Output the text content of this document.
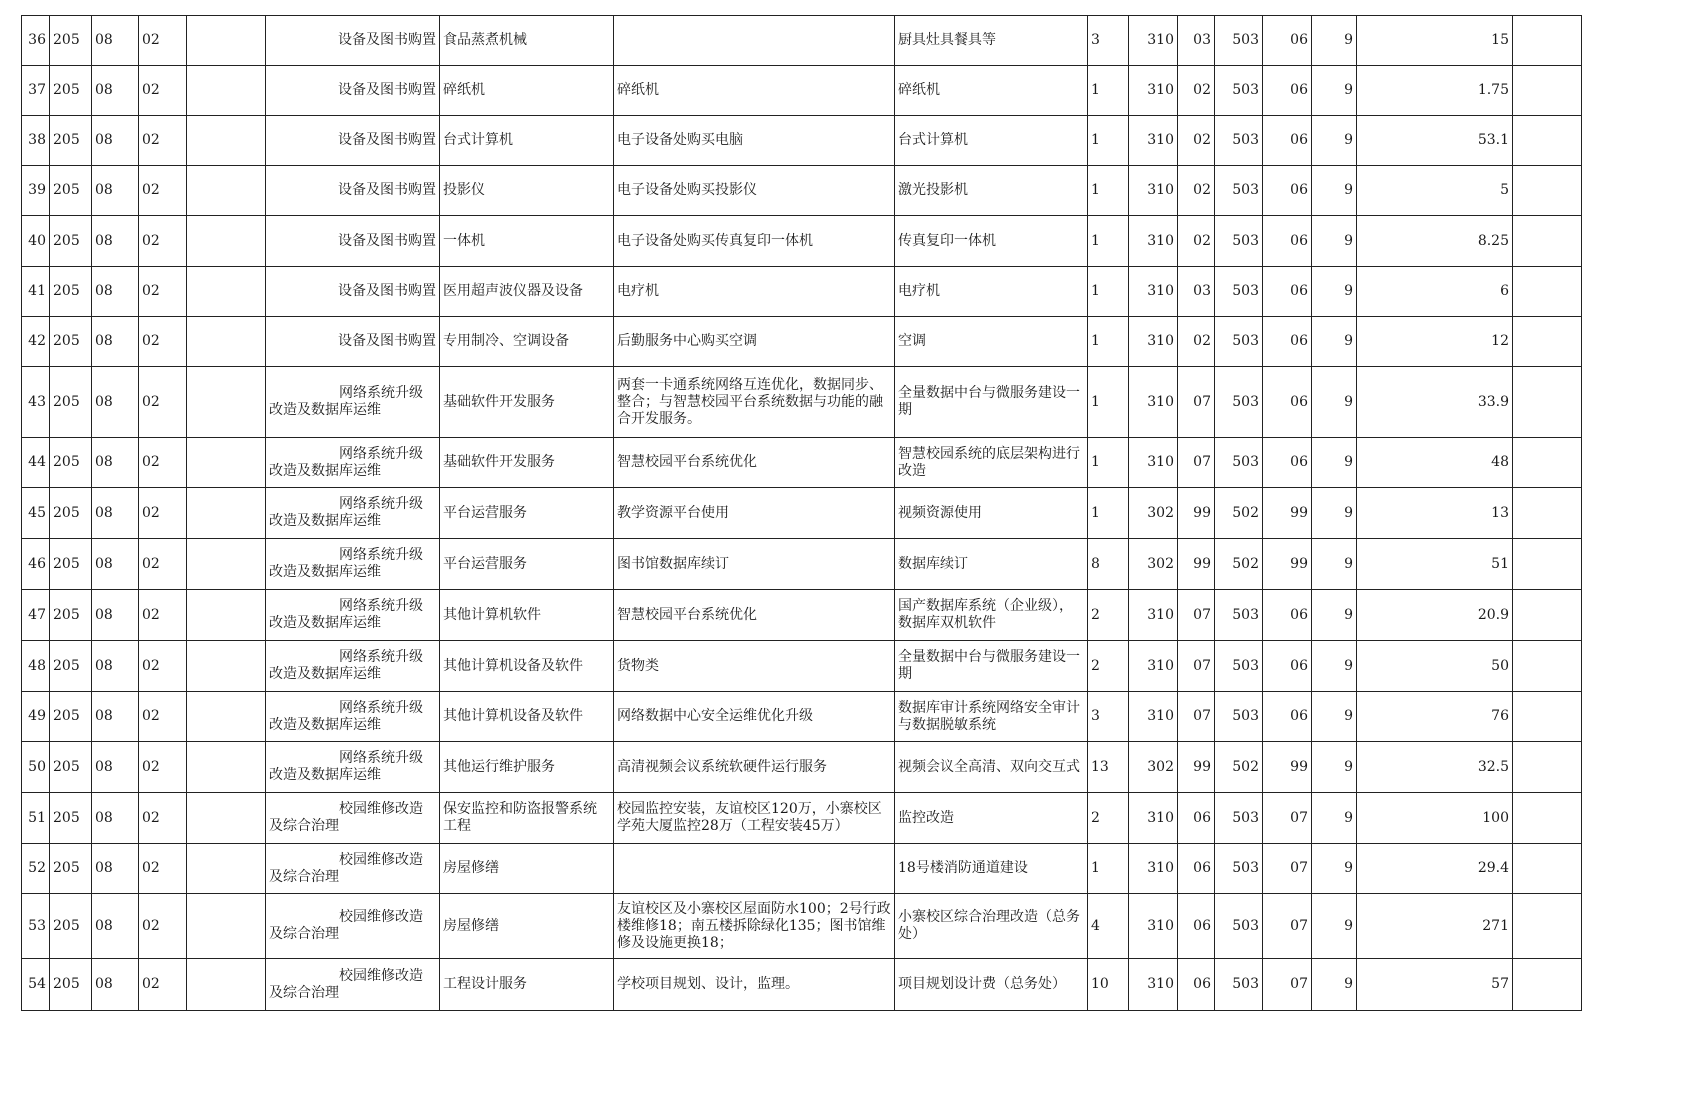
36	205	08	02		设备及图书购置	食品蒸煮机械		厨具灶具餐具等	3	310	03	503	06	9	15	
37	205	08	02		设备及图书购置	碎纸机	碎纸机	碎纸机	1	310	02	503	06	9	1.75	
38	205	08	02		设备及图书购置	台式计算机	电子设备处购买电脑	台式计算机	1	310	02	503	06	9	53.1	
39	205	08	02		设备及图书购置	投影仪	电子设备处购买投影仪	激光投影机	1	310	02	503	06	9	5	
40	205	08	02		设备及图书购置	一体机	电子设备处购买传真复印一体机	传真复印一体机	1	310	02	503	06	9	8.25	
41	205	08	02		设备及图书购置	医用超声波仪器及设备	电疗机	电疗机	1	310	03	503	06	9	6	
42	205	08	02		设备及图书购置	专用制冷、空调设备	后勤服务中心购买空调	空调	1	310	02	503	06	9	12	
43	205	08	02		网络系统升级改造及数据库运维	基础软件开发服务	两套一卡通系统网络互连优化，数据同步、整合；与智慧校园平台系统数据与功能的融合开发服务。	全量数据中台与微服务建设一期	1	310	07	503	06	9	33.9	
44	205	08	02		网络系统升级改造及数据库运维	基础软件开发服务	智慧校园平台系统优化	智慧校园系统的底层架构进行改造	1	310	07	503	06	9	48	
45	205	08	02		网络系统升级改造及数据库运维	平台运营服务	教学资源平台使用	视频资源使用	1	302	99	502	99	9	13	
46	205	08	02		网络系统升级改造及数据库运维	平台运营服务	图书馆数据库续订	数据库续订	8	302	99	502	99	9	51	
47	205	08	02		网络系统升级改造及数据库运维	其他计算机软件	智慧校园平台系统优化	国产数据库系统（企业级），数据库双机软件	2	310	07	503	06	9	20.9	
48	205	08	02		网络系统升级改造及数据库运维	其他计算机设备及软件	货物类	全量数据中台与微服务建设一期	2	310	07	503	06	9	50	
49	205	08	02		网络系统升级改造及数据库运维	其他计算机设备及软件	网络数据中心安全运维优化升级	数据库审计系统网络安全审计与数据脱敏系统	3	310	07	503	06	9	76	
50	205	08	02		网络系统升级改造及数据库运维	其他运行维护服务	高清视频会议系统软硬件运行服务	视频会议全高清、双向交互式	13	302	99	502	99	9	32.5	
51	205	08	02		校园维修改造及综合治理	保安监控和防盗报警系统工程	校园监控安装，友谊校区120万，小寨校区学苑大厦监控28万（工程安装45万）	监控改造	2	310	06	503	07	9	100	
52	205	08	02		校园维修改造及综合治理	房屋修缮		18号楼消防通道建设	1	310	06	503	07	9	29.4	
53	205	08	02		校园维修改造及综合治理	房屋修缮	友谊校区及小寨校区屋面防水100；2号行政楼维修18；南五楼拆除绿化135；图书馆维修及设施更换18；	小寨校区综合治理改造（总务处）	4	310	06	503	07	9	271	
54	205	08	02		校园维修改造及综合治理	工程设计服务	学校项目规划、设计，监理。	项目规划设计费（总务处）	10	310	06	503	07	9	57	
